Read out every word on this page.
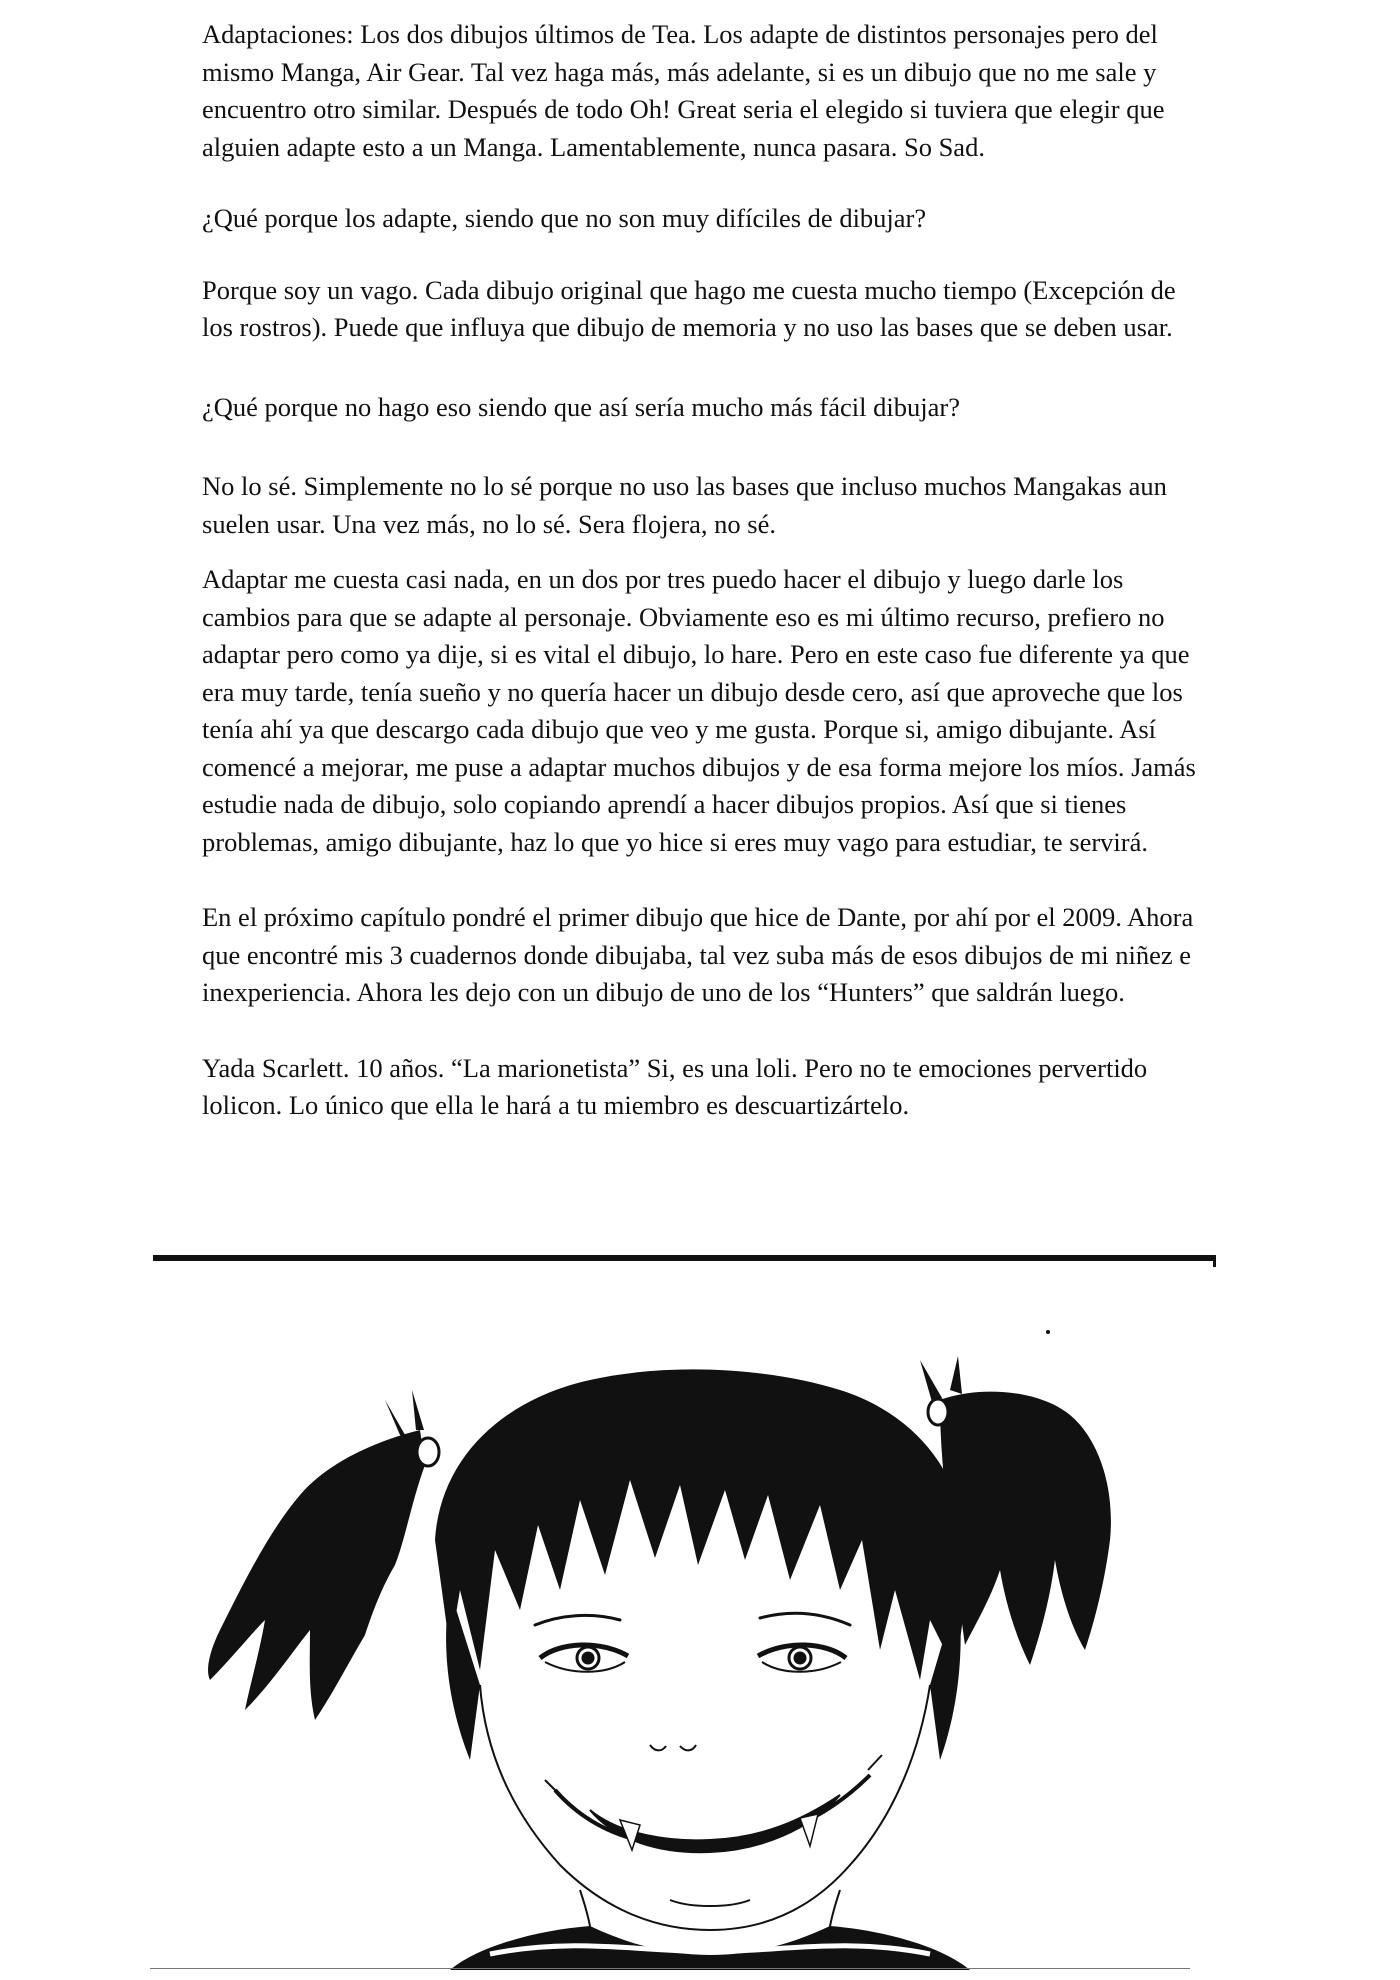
Adaptaciones: Los dos dibujos últimos de Tea. Los adapte de distintos personajes pero del mismo Manga, Air Gear. Tal vez haga más, más adelante, si es un dibujo que no me sale y encuentro otro similar. Después de todo Oh! Great seria el elegido si tuviera que elegir que alguien adapte esto a un Manga. Lamentablemente, nunca pasara. So Sad.

¿Qué porque los adapte, siendo que no son muy difíciles de dibujar?

Porque soy un vago. Cada dibujo original que hago me cuesta mucho tiempo (Excepción de los rostros). Puede que influya que dibujo de memoria y no uso las bases que se deben usar.

¿Qué porque no hago eso siendo que así sería mucho más fácil dibujar?

No lo sé. Simplemente no lo sé porque no uso las bases que incluso muchos Mangakas aun suelen usar. Una vez más, no lo sé. Sera flojera, no sé.

Adaptar me cuesta casi nada, en un dos por tres puedo hacer el dibujo y luego darle los cambios para que se adapte al personaje. Obviamente eso es mi último recurso, prefiero no adaptar pero como ya dije, si es vital el dibujo, lo hare. Pero en este caso fue diferente ya que era muy tarde, tenía sueño y no quería hacer un dibujo desde cero, así que aproveche que los tenía ahí ya que descargo cada dibujo que veo y me gusta. Porque si, amigo dibujante. Así comencé a mejorar, me puse a adaptar muchos dibujos y de esa forma mejore los míos. Jamás estudie nada de dibujo, solo copiando aprendí a hacer dibujos propios. Así que si tienes problemas, amigo dibujante, haz lo que yo hice si eres muy vago para estudiar, te servirá.

En el próximo capítulo pondré el primer dibujo que hice de Dante, por ahí por el 2009. Ahora que encontré mis 3 cuadernos donde dibujaba, tal vez suba más de esos dibujos de mi niñez e inexperiencia. Ahora les dejo con un dibujo de uno de los “Hunters” que saldrán luego.

Yada Scarlett. 10 años. “La marionetista” Si, es una loli. Pero no te emociones pervertido lolicon. Lo único que ella le hará a tu miembro es descuartizártelo.
